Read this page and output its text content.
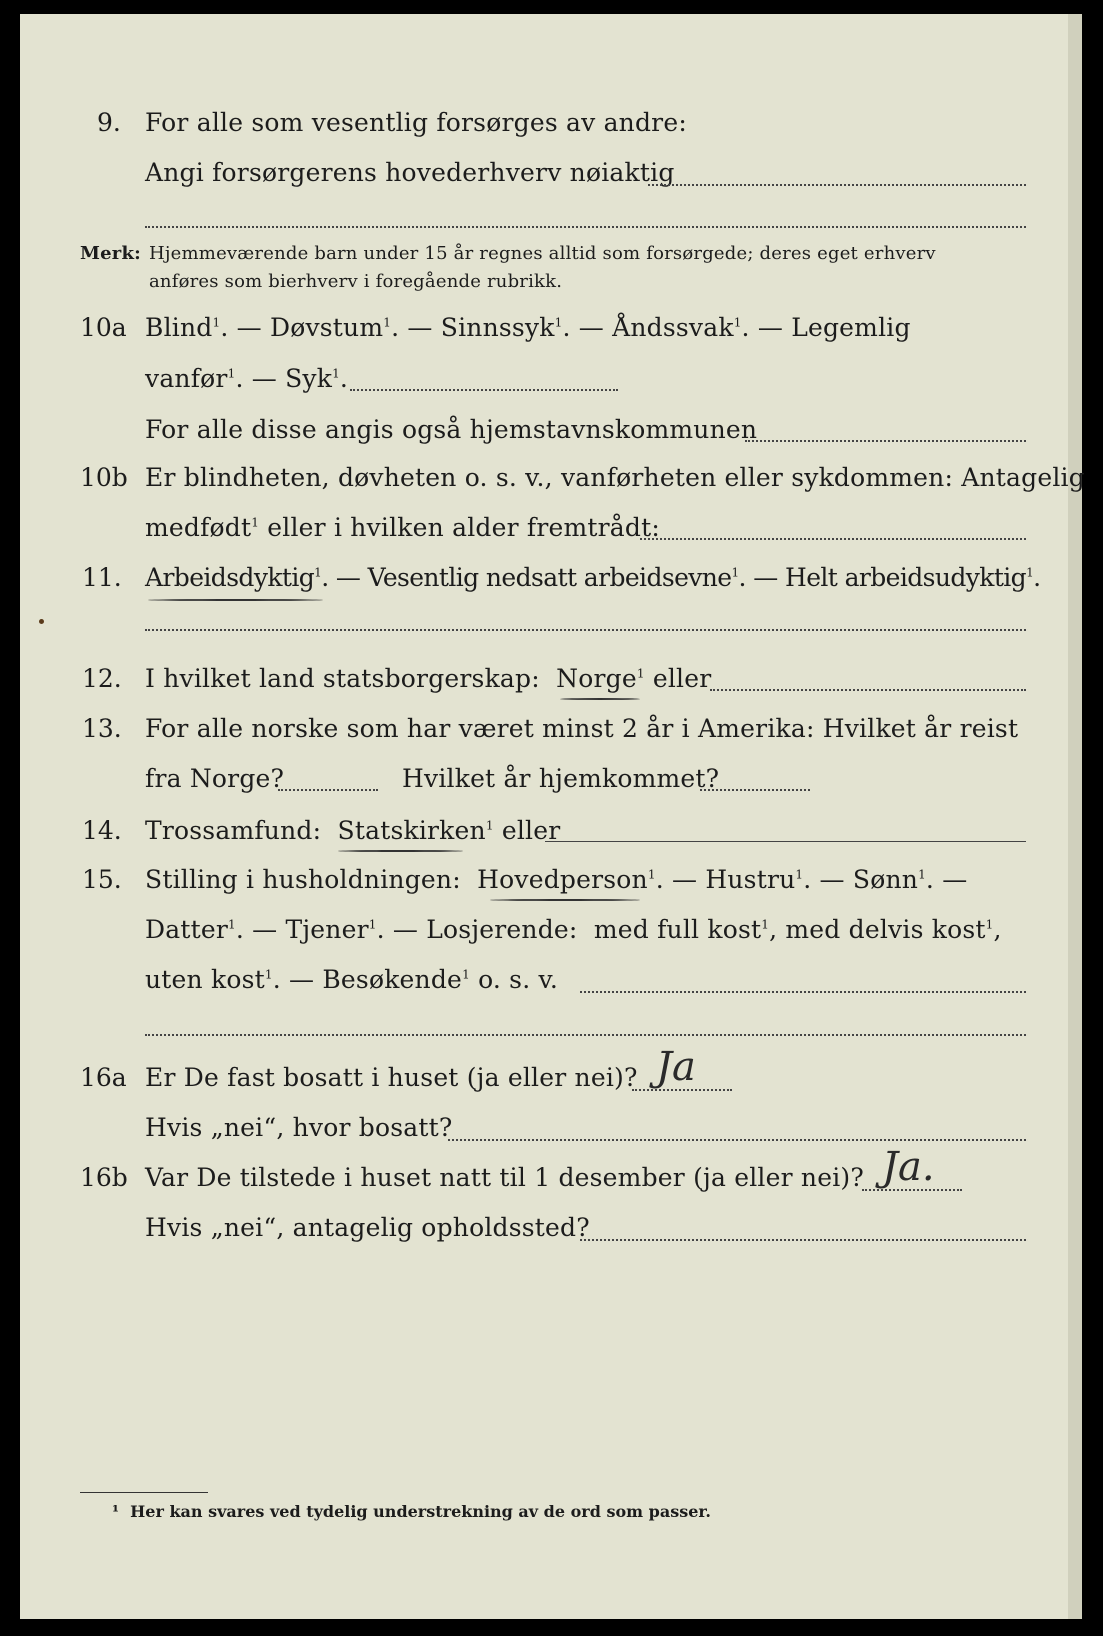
9. For alle som vesentlig forsørges av andre:
Angi forsørgerens hovederhverv nøiaktig
Merk: Hjemmeværende barn under 15 år regnes alltid som forsørgede; deres eget erhverv
anføres som bierhverv i foregående rubrikk.
10a Blind$^1$. — Døvstum$^1$. — Sinnssyk$^1$. — Åndssvak$^1$. — Legemlig
vanfør$^1$. — Syk$^1$.
For alle disse angis også hjemstavnskommunen
10b Er blindheten, døvheten o. s. v., vanførheten eller sykdommen: Antagelig
medfødt$^1$ eller i hvilken alder fremtrådt:
11. Arbeidsdyktig$^1$. — Vesentlig nedsatt arbeidsevne$^1$. — Helt arbeidsudyktig$^1$.
12. I hvilket land statsborgerskap: Norge$^1$ eller
13. For alle norske som har været minst 2 år i Amerika: Hvilket år reist
fra Norge?	Hvilket år hjemkommet?
14. Trossamfund: Statskirken$^1$ eller
15. Stilling i husholdningen: Hovedperson$^1$. — Hustru$^1$. — Sønn$^1$. —
Datter$^1$. — Tjener$^1$. — Losjerende: med full kost$^1$, med delvis kost$^1$,
uten kost$^1$. — Besøkende$^1$ o. s. v.
16a Er De fast bosatt i huset (ja eller nei)? Ja
Hvis „nei“, hvor bosatt?
16b Var De tilstede i huset natt til 1 desember (ja eller nei)? Ja.
Hvis „nei“, antagelig opholdssted?
¹ Her kan svares ved tydelig understrekning av de ord som passer.
